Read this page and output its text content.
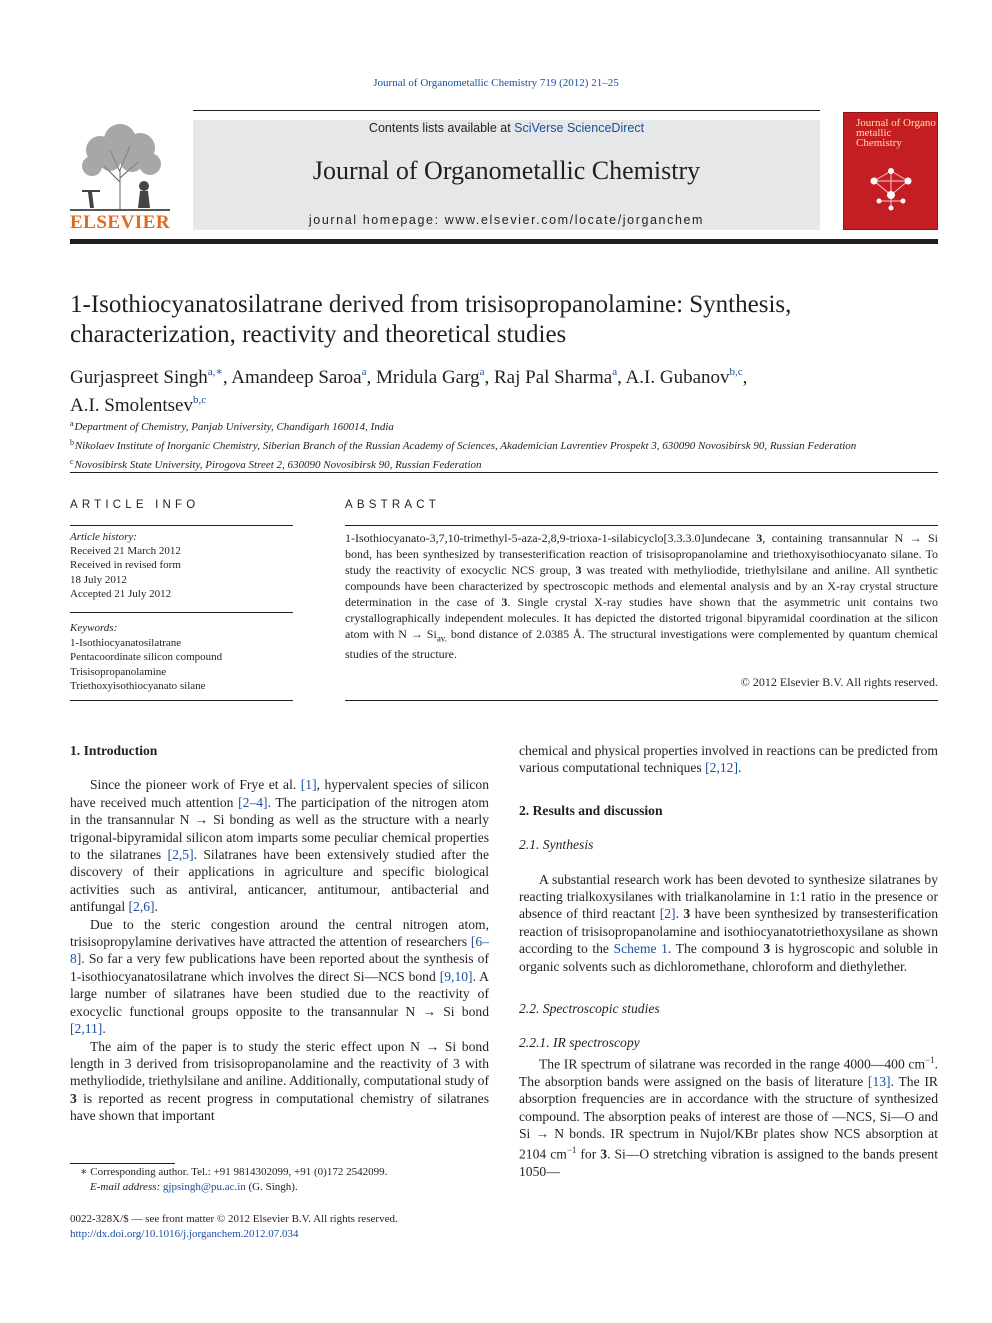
Journal of Organometallic Chemistry 719 (2012) 21–25
ELSEVIER
Contents lists available at SciVerse ScienceDirect
Journal of Organometallic Chemistry
journal homepage: www.elsevier.com/locate/jorganchem
Journal of Organo metallic Chemistry
1-Isothiocyanatosilatrane derived from trisisopropanolamine: Synthesis, characterization, reactivity and theoretical studies
Gurjaspreet Singh$^{a,∗}$, Amandeep Saroa$^a$, Mridula Garg$^a$, Raj Pal Sharma$^a$, A.I. Gubanov$^{b,c}$,
A.I. Smolentsev$^{b,c}$
$^a$ Department of Chemistry, Panjab University, Chandigarh 160014, India
$^b$ Nikolaev Institute of Inorganic Chemistry, Siberian Branch of the Russian Academy of Sciences, Akademician Lavrentiev Prospekt 3, 630090 Novosibirsk 90, Russian Federation
$^c$ Novosibirsk State University, Pirogova Street 2, 630090 Novosibirsk 90, Russian Federation
ARTICLE INFO
Article history:
Received 21 March 2012
Received in revised form
18 July 2012
Accepted 21 July 2012
Keywords:
1-Isothiocyanatosilatrane
Pentacoordinate silicon compound
Trisisopropanolamine
Triethoxyisothiocyanato silane
ABSTRACT
1-Isothiocyanato-3,7,10-trimethyl-5-aza-2,8,9-trioxa-1-silabicyclo[3.3.3.0]undecane 3, containing transannular N → Si bond, has been synthesized by transesterification reaction of trisisopropanolamine and triethoxyisothiocyanato silane. To study the reactivity of exocyclic NCS group, 3 was treated with methyliodide, triethylsilane and aniline. All synthetic compounds have been characterized by spectroscopic methods and elemental analysis and by an X-ray crystal structure determination in the case of 3. Single crystal X-ray studies have shown that the asymmetric unit contains two crystallographically independent molecules. It has depicted the distorted trigonal bipyramidal coordination at the silicon atom with $N \to Si_{av.}$ bond distance of 2.0385 Å. The structural investigations were complemented by quantum chemical studies of the structure.
© 2012 Elsevier B.V. All rights reserved.
1. Introduction

Since the pioneer work of Frye et al. [1], hypervalent species of silicon have received much attention [2–4]. The participation of the nitrogen atom in the transannular N → Si bonding as well as the structure with a nearly trigonal-bipyramidal silicon atom imparts some peculiar chemical properties to the silatranes [2,5]. Silatranes have been extensively studied after the discovery of their applications in agriculture and specific biological activities such as antiviral, anticancer, antitumour, antibacterial and antifungal [2,6].

Due to the steric congestion around the central nitrogen atom, trisisopropylamine derivatives have attracted the attention of researchers [6–8]. So far a very few publications have been reported about the synthesis of 1-isothiocyanatosilatrane which involves the direct Si—NCS bond [9,10]. A large number of silatranes have been studied due to the reactivity of exocyclic functional groups opposite to the transannular N → Si bond [2,11].

The aim of the paper is to study the steric effect upon N → Si bond length in 3 derived from trisisopropanolamine and the reactivity of 3 with methyliodide, triethylsilane and aniline. Additionally, computational study of 3 is reported as recent progress in computational chemistry of silatranes have shown that important

chemical and physical properties involved in reactions can be predicted from various computational techniques [2,12].

2. Results and discussion
2.1. Synthesis

A substantial research work has been devoted to synthesize silatranes by reacting trialkoxysilanes with trialkanolamine in 1:1 ratio in the presence or absence of third reactant [2]. 3 have been synthesized by transesterification reaction of trisisopropanolamine and isothiocyanatotriethoxysilane as shown according to the Scheme 1. The compound 3 is hygroscopic and soluble in organic solvents such as dichloromethane, chloroform and diethylether.

2.2. Spectroscopic studies
2.2.1. IR spectroscopy

The IR spectrum of silatrane was recorded in the range 4000—400 $cm^{-1}$. The absorption bands were assigned on the basis of literature [13]. The IR absorption frequencies are in accordance with the structure of synthesized compound. The absorption peaks of interest are those of —NCS, Si—O and Si → N bonds. IR spectrum in Nujol/KBr plates show NCS absorption at 2104 $cm^{-1}$ for 3. Si—O stretching vibration is assigned to the bands present 1050—

∗ Corresponding author. Tel.: +91 9814302099, +91 (0)172 2542099.
E-mail address: gjpsingh@pu.ac.in (G. Singh).
0022-328X/$ — see front matter © 2012 Elsevier B.V. All rights reserved.
http://dx.doi.org/10.1016/j.jorganchem.2012.07.034
